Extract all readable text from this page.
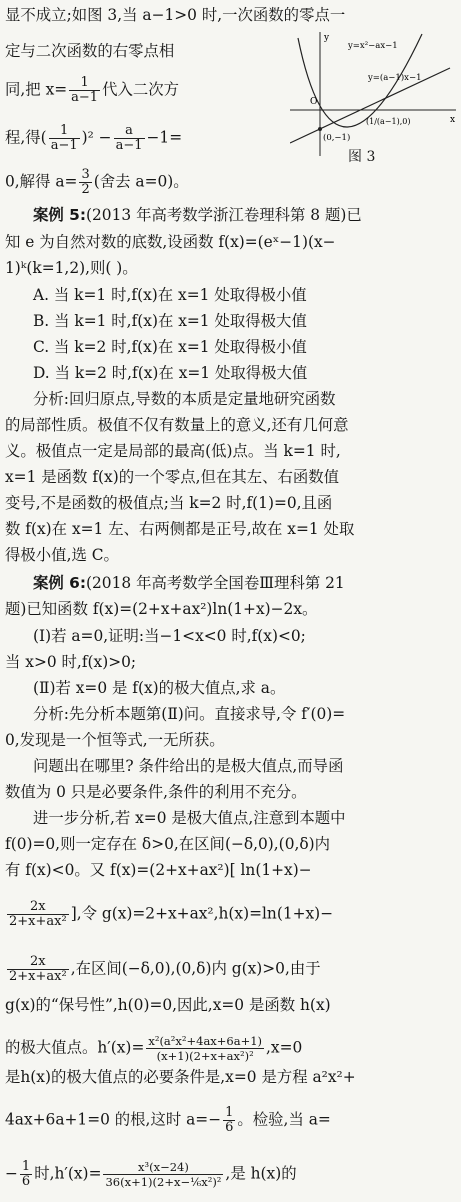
显不成立;如图 3,当 a−1>0 时,一次函数的零点一
定与二次函数的右零点相
同,把 $x= \frac{1}{a-1}$ 代入二次方
程,得( $\frac{1}{a-1} )^2 - \frac{a}{a-1} -1=$
0,解得 $a= \frac{3}{2}$ (舍去 a=0)。
y
x
O
y=x²−ax−1
y=(a−1)x−1
(0,−1)
(1/(a−1),0)
图 3
案例 5:(2013 年高考数学浙江卷理科第 8 题)已
知 e 为自然对数的底数,设函数 f(x)=(eˣ−1)(x−
1)ᵏ(k=1,2),则( )。
A. 当 k=1 时,f(x)在 x=1 处取得极小值
B. 当 k=1 时,f(x)在 x=1 处取得极大值
C. 当 k=2 时,f(x)在 x=1 处取得极小值
D. 当 k=2 时,f(x)在 x=1 处取得极大值
分析:回归原点,导数的本质是定量地研究函数
的局部性质。极值不仅有数量上的意义,还有几何意
义。极值点一定是局部的最高(低)点。当 k=1 时,
x=1 是函数 f(x)的一个零点,但在其左、右函数值
变号,不是函数的极值点;当 k=2 时,f(1)=0,且函
数 f(x)在 x=1 左、右两侧都是正号,故在 x=1 处取
得极小值,选 C。
案例 6:(2018 年高考数学全国卷Ⅲ理科第 21
题)已知函数 f(x)=(2+x+ax²)ln(1+x)−2x。
(Ⅰ)若 a=0,证明:当−1<x<0 时,f(x)<0;
当 x>0 时,f(x)>0;
(Ⅱ)若 x=0 是 f(x)的极大值点,求 a。
分析:先分析本题第(Ⅱ)问。直接求导,令 f′(0)=
0,发现是一个恒等式,一无所获。
问题出在哪里? 条件给出的是极大值点,而导函
数值为 0 只是必要条件,条件的利用不充分。
进一步分析,若 x=0 是极大值点,注意到本题中
f(0)=0,则一定存在 δ>0,在区间(−δ,0),(0,δ)内
有 f(x)<0。又 f(x)=(2+x+ax²)[ ln(1+x)−
$\frac{2x}{\text{2+x+ax²}}$ ],令 g(x)=2+x+ax²,h(x)=ln(1+x)−
$\frac{2x}{\text{2+x+ax²}}$ ,在区间(−δ,0),(0,δ)内 g(x)>0,由于
g(x)的“保号性”,h(0)=0,因此,x=0 是函数 h(x)
的极大值点。$h'(x)= \frac{\text{x²(a²x²+4ax+6a+1)}}{\text{(x+1)(2+x+ax²)²}} ,x=0$
是h(x)的极大值点的必要条件是,x=0 是方程 a²x²+
4ax+6a+1=0 的根,这时 $a=- \frac{1}{6}$ 。检验,当 a=
− $\frac{1}{6}$ 时$,h'(x)= \frac{\text{x³(x−24)}}{\text{36(x+1)(2+x−⅙x²)²}}$ ,是 h(x)的
